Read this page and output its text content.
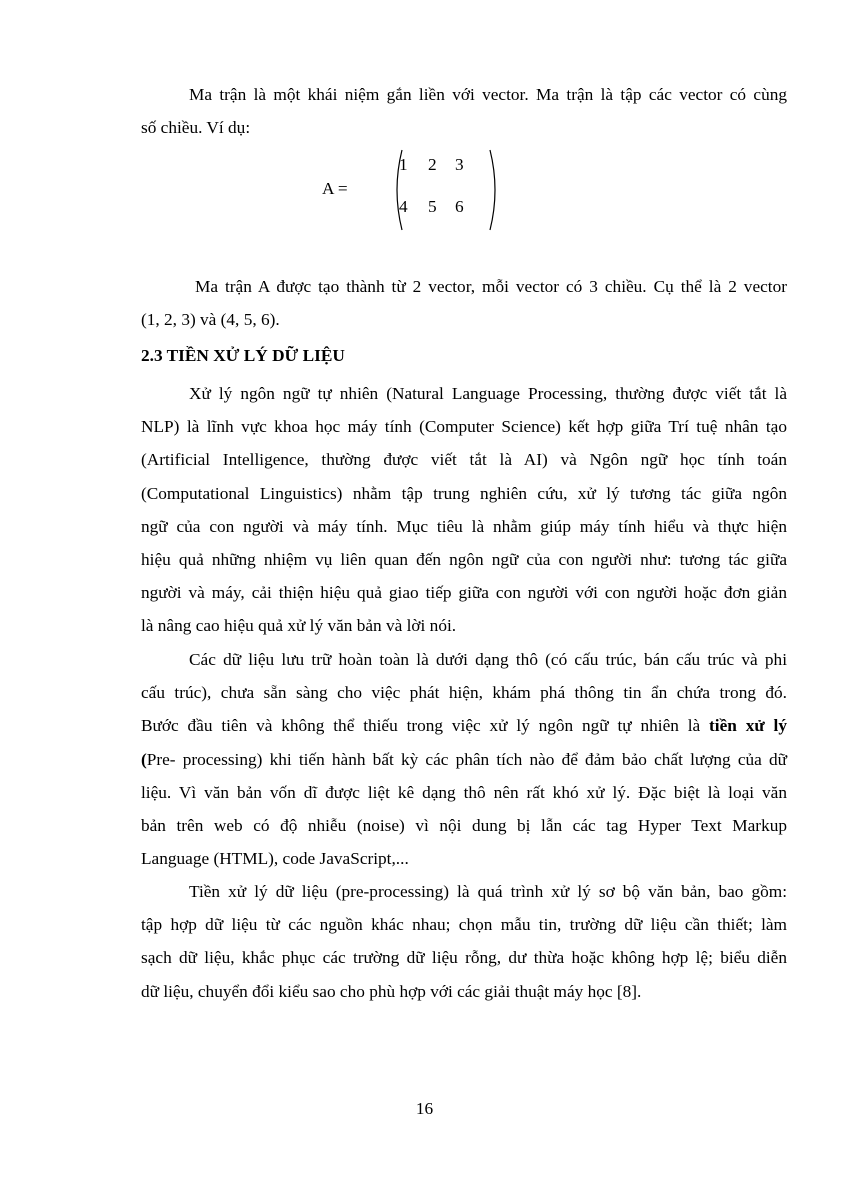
Ma trận là một khái niệm gắn liền với vector. Ma trận là tập các vector có cùng
số chiều. Ví dụ:

A =
1 2 3
4 5 6

Ma trận A được tạo thành từ 2 vector, mỗi vector có 3 chiều. Cụ thể là 2 vector
(1, 2, 3) và (4, 5, 6).

2.3 TIỀN XỬ LÝ DỮ LIỆU

Xử lý ngôn ngữ tự nhiên (Natural Language Processing, thường được viết tắt là
NLP) là lĩnh vực khoa học máy tính (Computer Science) kết hợp giữa Trí tuệ nhân tạo
(Artificial Intelligence, thường được viết tắt là AI) và Ngôn ngữ học tính toán
(Computational Linguistics) nhằm tập trung nghiên cứu, xử lý tương tác giữa ngôn
ngữ của con người và máy tính. Mục tiêu là nhằm giúp máy tính hiểu và thực hiện
hiệu quả những nhiệm vụ liên quan đến ngôn ngữ của con người như: tương tác giữa
người và máy, cải thiện hiệu quả giao tiếp giữa con người với con người hoặc đơn giản
là nâng cao hiệu quả xử lý văn bản và lời nói.

Các dữ liệu lưu trữ hoàn toàn là dưới dạng thô (có cấu trúc, bán cấu trúc và phi
cấu trúc), chưa sẵn sàng cho việc phát hiện, khám phá thông tin ẩn chứa trong đó.
Bước đầu tiên và không thể thiếu trong việc xử lý ngôn ngữ tự nhiên là tiền xử lý
(Pre- processing) khi tiến hành bất kỳ các phân tích nào để đảm bảo chất lượng của dữ
liệu. Vì văn bản vốn dĩ được liệt kê dạng thô nên rất khó xử lý. Đặc biệt là loại văn
bản trên web có độ nhiễu (noise) vì nội dung bị lẫn các tag Hyper Text Markup
Language (HTML), code JavaScript,...

Tiền xử lý dữ liệu (pre-processing) là quá trình xử lý sơ bộ văn bản, bao gồm:
tập hợp dữ liệu từ các nguồn khác nhau; chọn mẫu tin, trường dữ liệu cần thiết; làm
sạch dữ liệu, khắc phục các trường dữ liệu rỗng, dư thừa hoặc không hợp lệ; biểu diễn
dữ liệu, chuyển đổi kiểu sao cho phù hợp với các giải thuật máy học [8].

16
